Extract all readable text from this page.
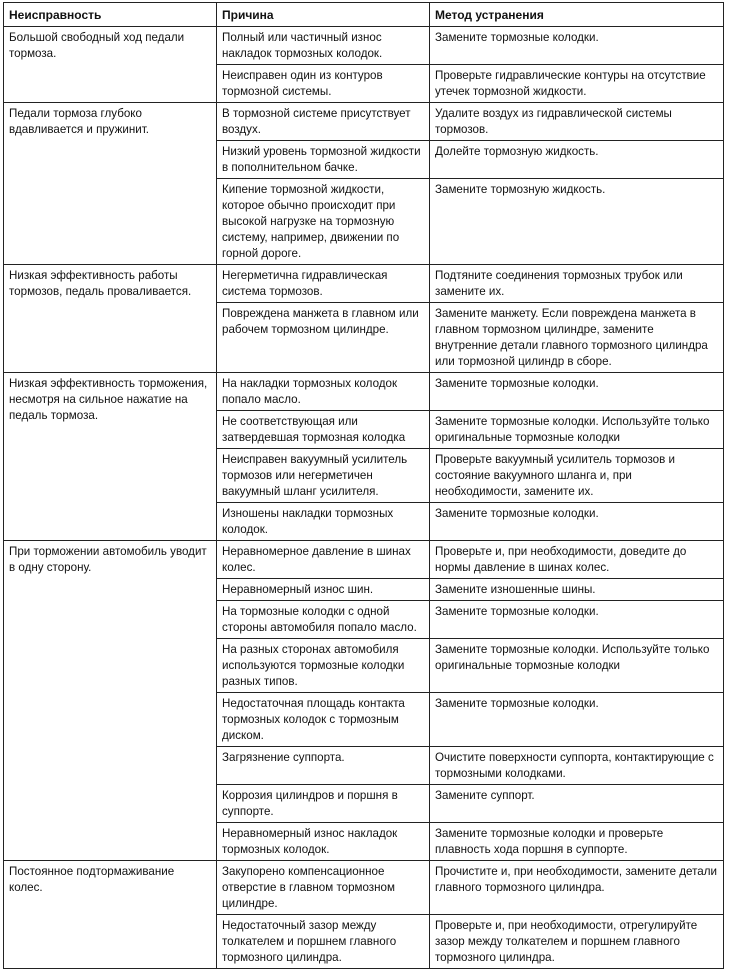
Неисправность	Причина	Метод устранения
Большой свободный ход педали тормоза.	Полный или частичный износ накладок тормозных колодок.	Замените тормозные колодки.
	Неисправен один из контуров тормозной системы.	Проверьте гидравлические контуры на отсутствие утечек тормозной жидкости.
Педали тормоза глубоко вдавливается и пружинит.	В тормозной системе присутствует воздух.	Удалите воздух из гидравлической системы тормозов.
	Низкий уровень тормозной жидкости в пополнительном бачке.	Долейте тормозную жидкость.
	Кипение тормозной жидкости, которое обычно происходит при высокой нагрузке на тормозную систему, например, движении по горной дороге.	Замените тормозную жидкость.
Низкая эффективность работы тормозов, педаль проваливается.	Негерметична гидравлическая система тормозов.	Подтяните соединения тормозных трубок или замените их.
	Повреждена манжета в главном или рабочем тормозном цилиндре.	Замените манжету. Если повреждена манжета в главном тормозном цилиндре, замените внутренние детали главного тормозного цилиндра или тормозной цилиндр в сборе.
Низкая эффективность торможения, несмотря на сильное нажатие на педаль тормоза.	На накладки тормозных колодок попало масло.	Замените тормозные колодки.
	Не соответствующая или затвердевшая тормозная колодка	Замените тормозные колодки. Используйте только оригинальные тормозные колодки
	Неисправен вакуумный усилитель тормозов или негерметичен вакуумный шланг усилителя.	Проверьте вакуумный усилитель тормозов и состояние вакуумного шланга и, при необходимости, замените их.
	Изношены накладки тормозных колодок.	Замените тормозные колодки.
При торможении автомобиль уводит в одну сторону.	Неравномерное давление в шинах колес.	Проверьте и, при необходимости, доведите до нормы давление в шинах колес.
	Неравномерный износ шин.	Замените изношенные шины.
	На тормозные колодки с одной стороны автомобиля попало масло.	Замените тормозные колодки.
	На разных сторонах автомобиля используются тормозные колодки разных типов.	Замените тормозные колодки. Используйте только оригинальные тормозные колодки
	Недостаточная площадь контакта тормозных колодок с тормозным диском.	Замените тормозные колодки.
	Загрязнение суппорта.	Очистите поверхности суппорта, контактирующие с тормозными колодками.
	Коррозия цилиндров и поршня в суппорте.	Замените суппорт.
	Неравномерный износ накладок тормозных колодок.	Замените тормозные колодки и проверьте плавность хода поршня в суппорте.
Постоянное подтормаживание колес.	Закупорено компенсационное отверстие в главном тормозном цилиндре.	Прочистите и, при необходимости, замените детали главного тормозного цилиндра.
	Недостаточный зазор между толкателем и поршнем главного тормозного цилиндра.	Проверьте и, при необходимости, отрегулируйте зазор между толкателем и поршнем главного тормозного цилиндра.
